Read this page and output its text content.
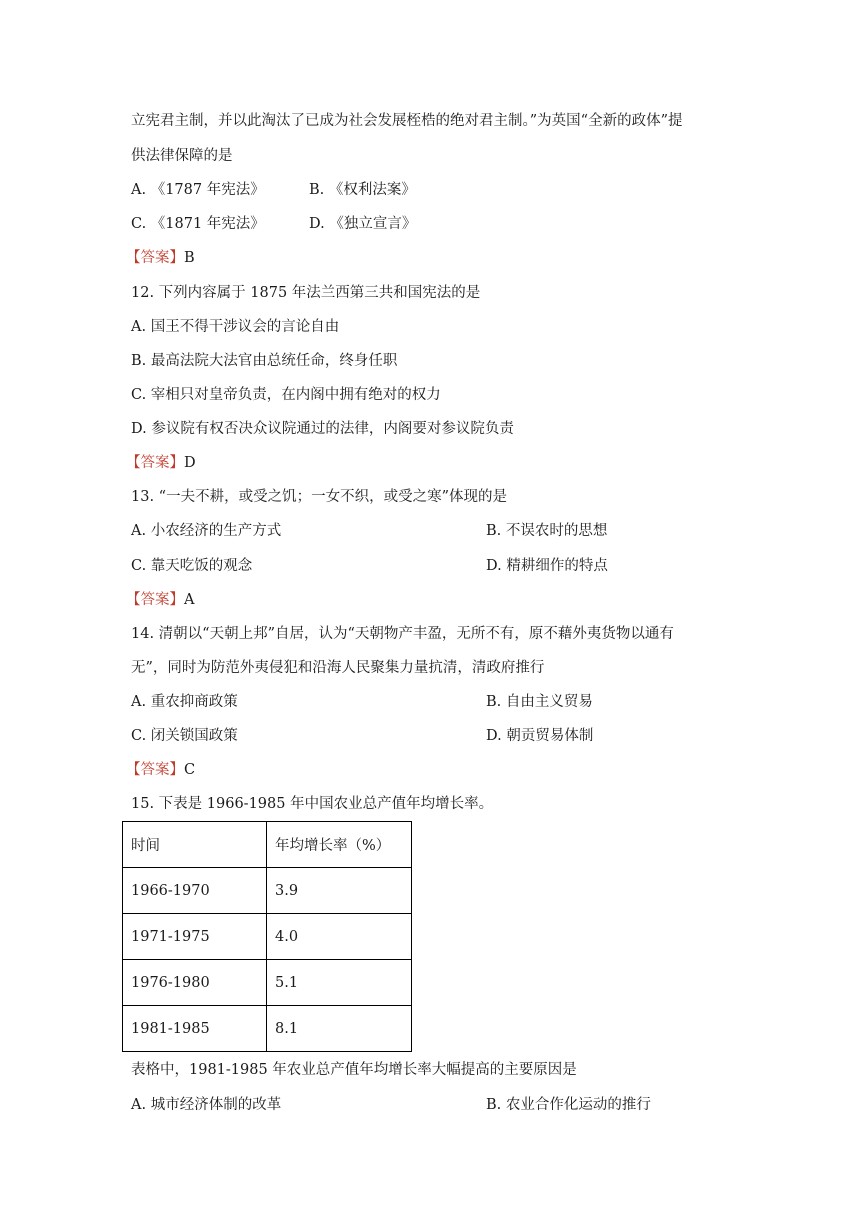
立宪君主制，并以此淘汰了已成为社会发展桎梏的绝对君主制。”为英国“全新的政体”提
供法律保障的是
A. 《1787 年宪法》	B. 《权利法案》
C. 《1871 年宪法》	D. 《独立宣言》
【答案】B
12. 下列内容属于 1875 年法兰西第三共和国宪法的是
A. 国王不得干涉议会的言论自由
B. 最高法院大法官由总统任命，终身任职
C. 宰相只对皇帝负责，在内阁中拥有绝对的权力
D. 参议院有权否决众议院通过的法律，内阁要对参议院负责
【答案】D
13. “一夫不耕，或受之饥；一女不织，或受之寒”体现的是
A. 小农经济的生产方式	B. 不误农时的思想
C. 靠天吃饭的观念	D. 精耕细作的特点
【答案】A
14. 清朝以“天朝上邦”自居，认为“天朝物产丰盈，无所不有，原不藉外夷货物以通有
无”，同时为防范外夷侵犯和沿海人民聚集力量抗清，清政府推行
A. 重农抑商政策	B. 自由主义贸易
C. 闭关锁国政策	D. 朝贡贸易体制
【答案】C
15. 下表是 1966-1985 年中国农业总产值年均增长率。
时间	年均增长率（%）
1966-1970	3.9
1971-1975	4.0
1976-1980	5.1
1981-1985	8.1
表格中，1981-1985 年农业总产值年均增长率大幅提高的主要原因是
A. 城市经济体制的改革	B. 农业合作化运动的推行
